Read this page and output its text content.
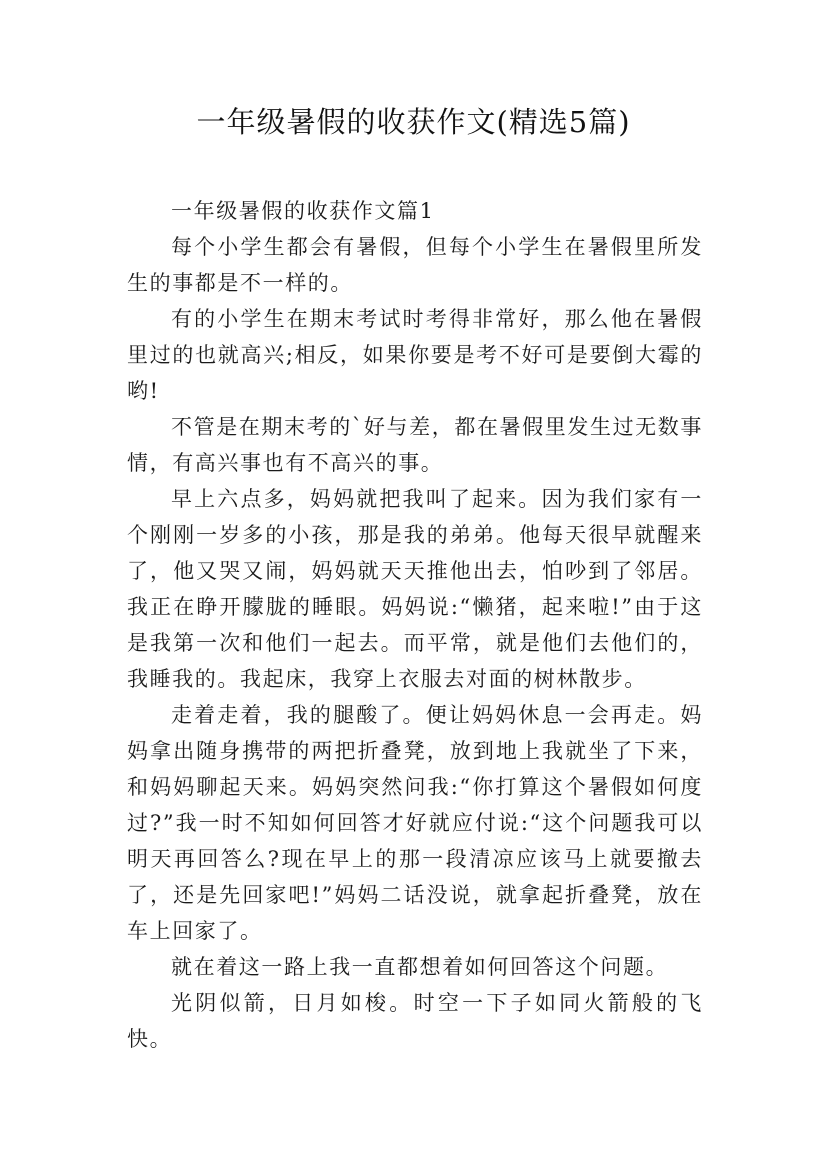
一年级暑假的收获作文(精选5篇)

一年级暑假的收获作文篇1

每个小学生都会有暑假，但每个小学生在暑假里所发生的事都是不一样的。

有的小学生在期末考试时考得非常好，那么他在暑假里过的也就高兴;相反，如果你要是考不好可是要倒大霉的哟!

不管是在期末考的`好与差，都在暑假里发生过无数事情，有高兴事也有不高兴的事。

早上六点多，妈妈就把我叫了起来。因为我们家有一个刚刚一岁多的小孩，那是我的弟弟。他每天很早就醒来了，他又哭又闹，妈妈就天天推他出去，怕吵到了邻居。我正在睁开朦胧的睡眼。妈妈说:“懒猪，起来啦!”由于这是我第一次和他们一起去。而平常，就是他们去他们的，我睡我的。我起床，我穿上衣服去对面的树林散步。

走着走着，我的腿酸了。便让妈妈休息一会再走。妈妈拿出随身携带的两把折叠凳，放到地上我就坐了下来，和妈妈聊起天来。妈妈突然问我:“你打算这个暑假如何度过?”我一时不知如何回答才好就应付说:“这个问题我可以明天再回答么?现在早上的那一段清凉应该马上就要撤去了，还是先回家吧!”妈妈二话没说，就拿起折叠凳，放在车上回家了。

就在着这一路上我一直都想着如何回答这个问题。

光阴似箭，日月如梭。时空一下子如同火箭般的飞快。
